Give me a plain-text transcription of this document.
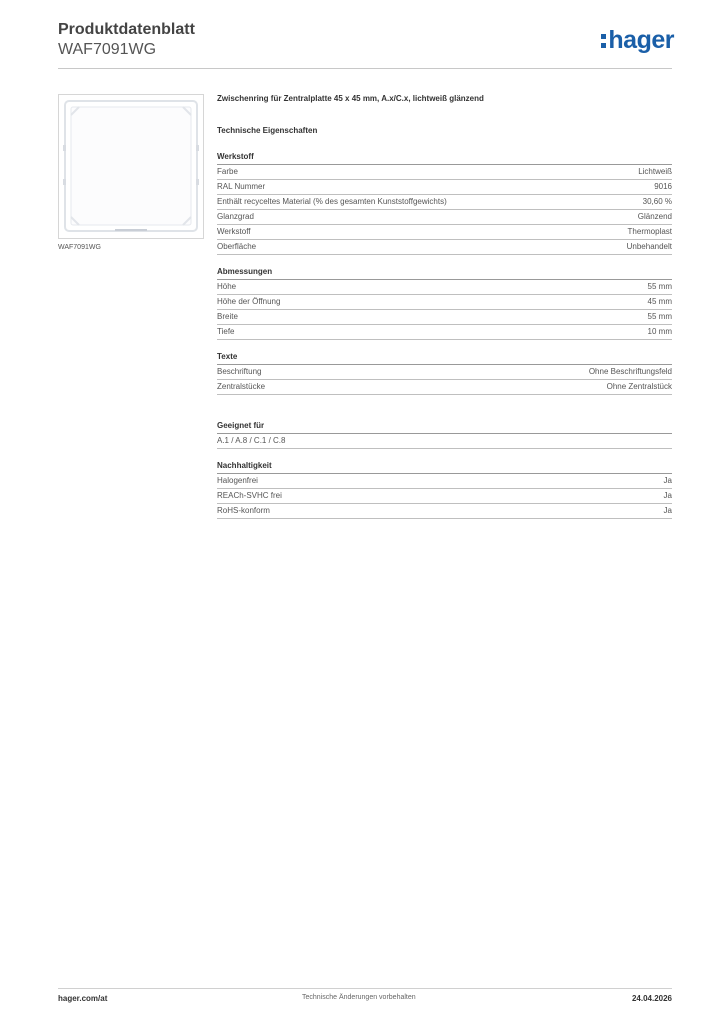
Produktdatenblatt
WAF7091WG	hager
WAF7091WG
Zwischenring für Zentralplatte 45 x 45 mm, A.x/C.x, lichtweiß glänzend
Technische Eigenschaften
Werkstoff
Farbe	Lichtweiß
RAL Nummer	9016
Enthält recyceltes Material (% des gesamten Kunststoffgewichts)	30,60 %
Glanzgrad	Glänzend
Werkstoff	Thermoplast
Oberfläche	Unbehandelt
Abmessungen
Höhe	55 mm
Höhe der Öffnung	45 mm
Breite	55 mm
Tiefe	10 mm
Texte
Beschriftung	Ohne Beschriftungsfeld
Zentralstücke	Ohne Zentralstück
Geeignet für
A.1 / A.8 / C.1 / C.8
Nachhaltigkeit
Halogenfrei	Ja
REACh-SVHC frei	Ja
RoHS-konform	Ja
hager.com/at	Technische Änderungen vorbehalten	24.04.2026
